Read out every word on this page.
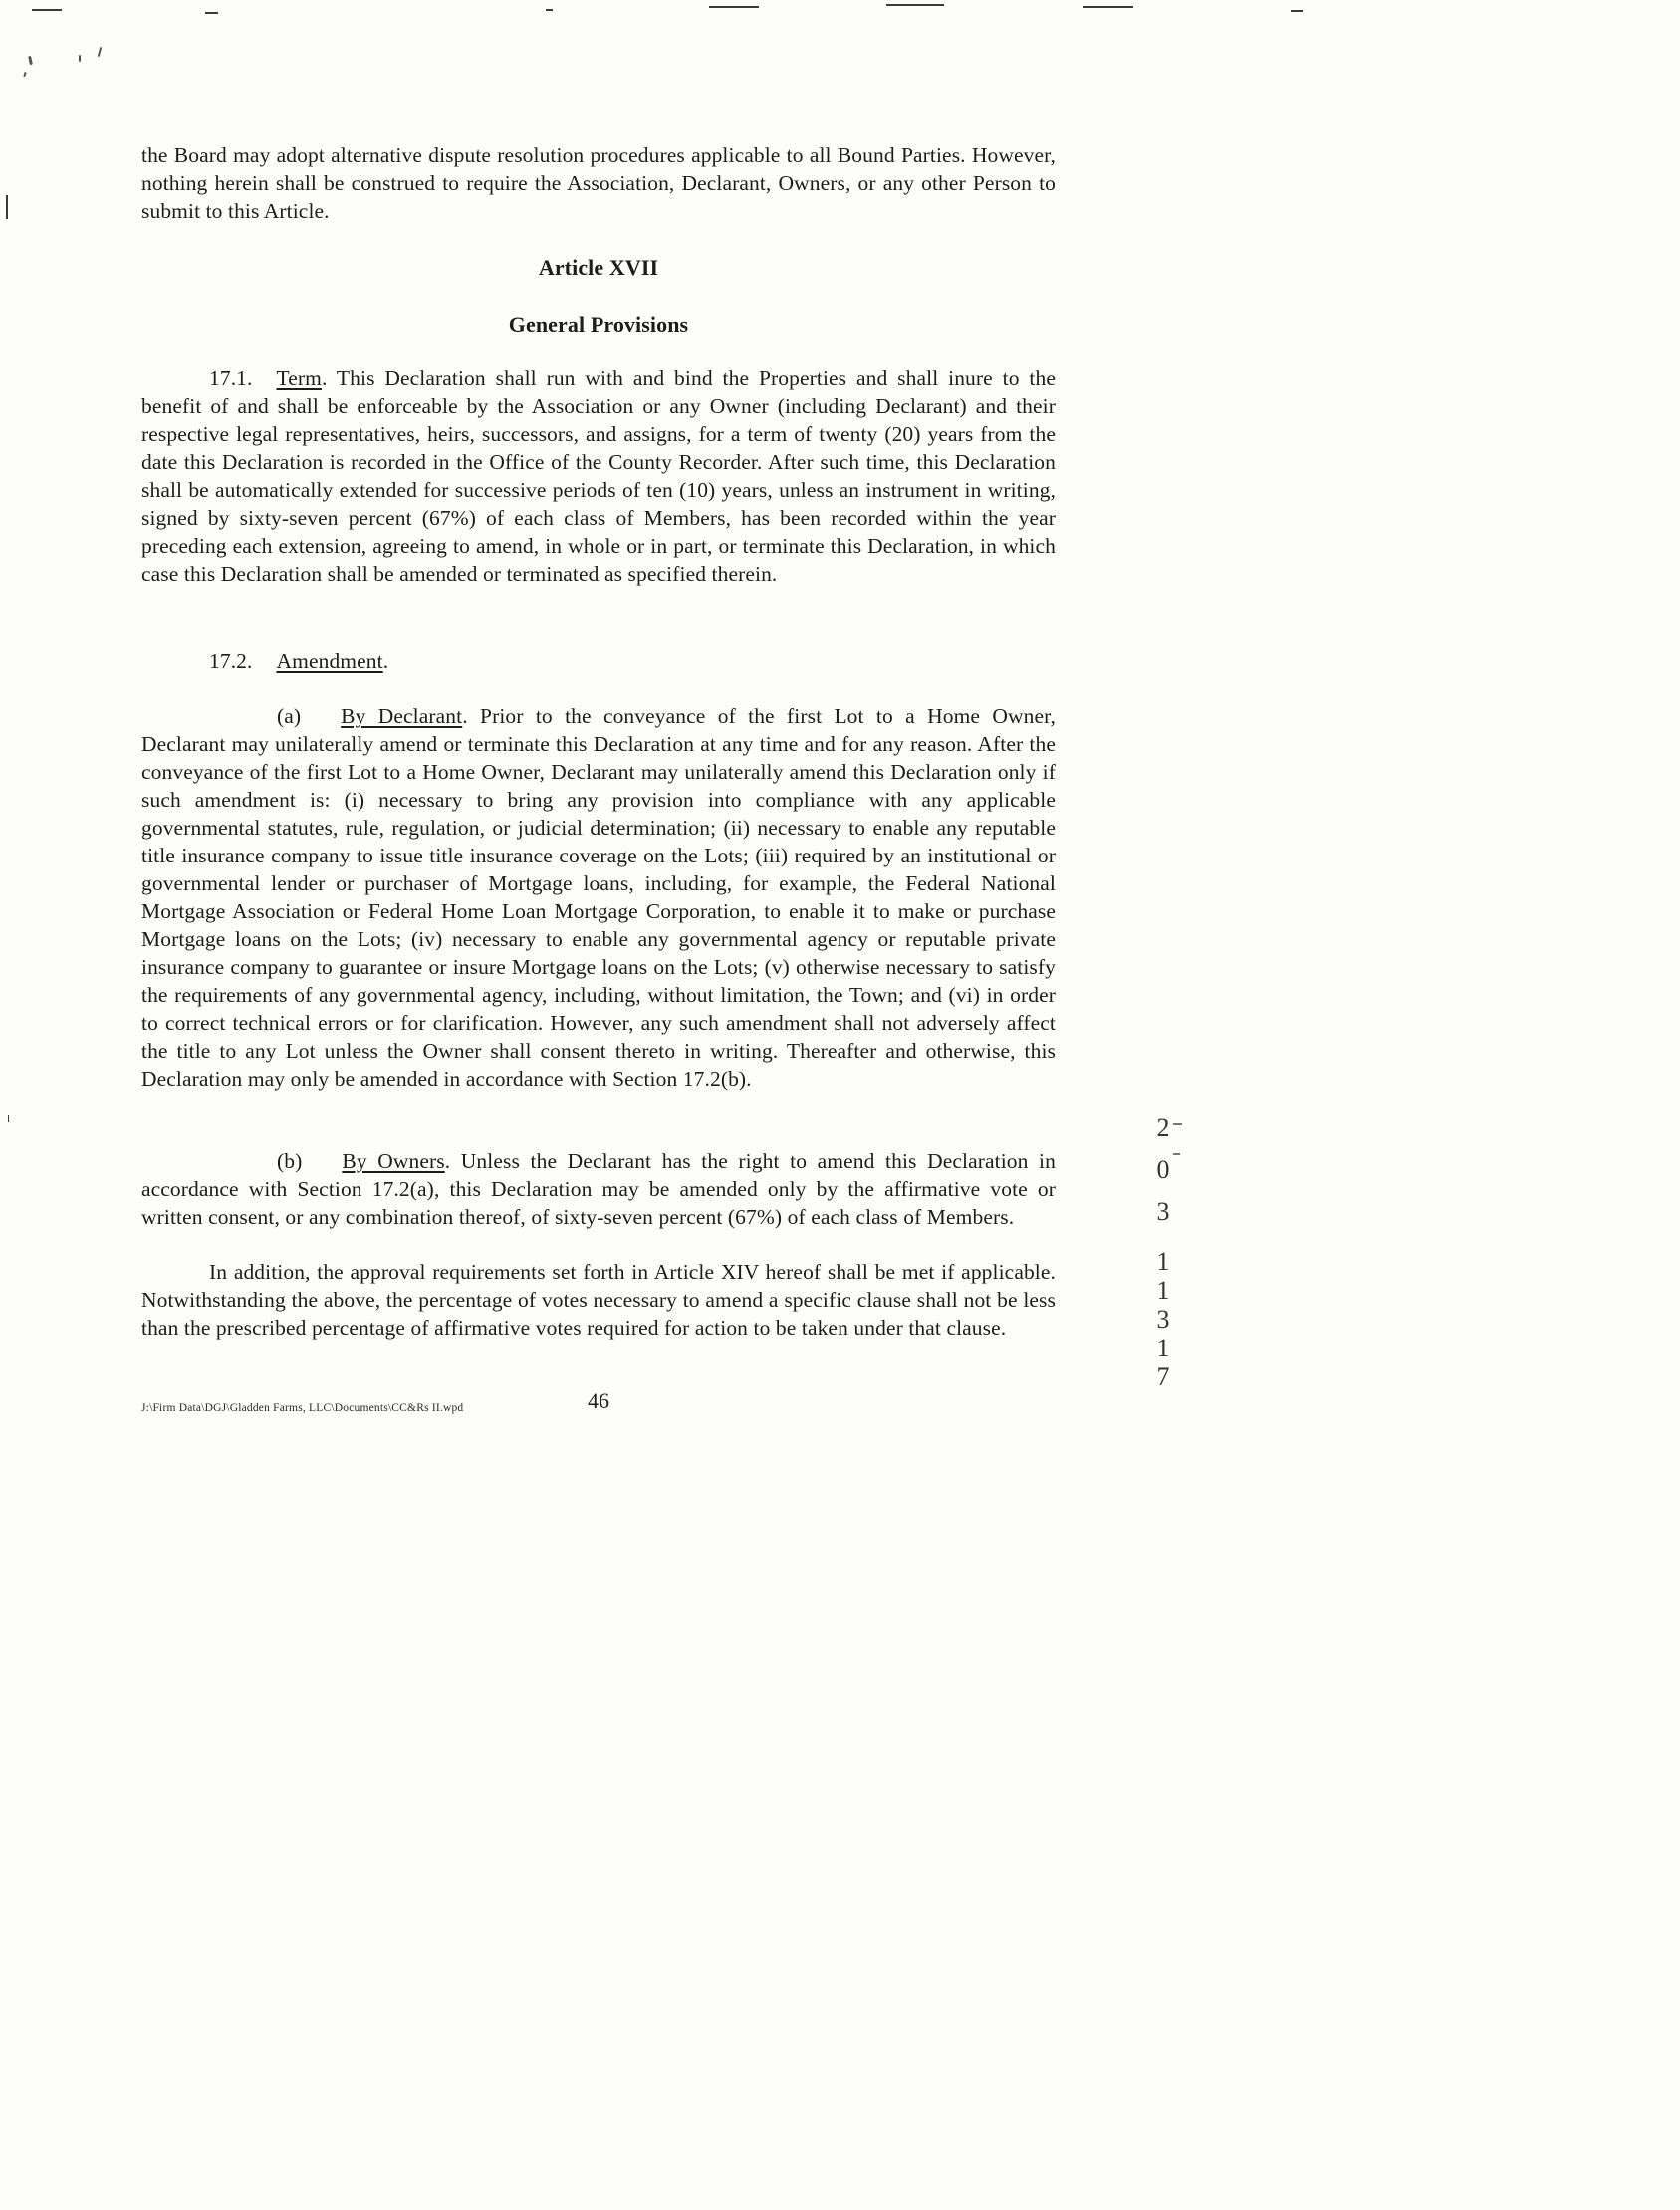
the Board may adopt alternative dispute resolution procedures applicable to all Bound Parties. However, nothing herein shall be construed to require the Association, Declarant, Owners, or any other Person to submit to this Article.

Article XVII
General Provisions

17.1. Term. This Declaration shall run with and bind the Properties and shall inure to the benefit of and shall be enforceable by the Association or any Owner (including Declarant) and their respective legal representatives, heirs, successors, and assigns, for a term of twenty (20) years from the date this Declaration is recorded in the Office of the County Recorder. After such time, this Declaration shall be automatically extended for successive periods of ten (10) years, unless an instrument in writing, signed by sixty-seven percent (67%) of each class of Members, has been recorded within the year preceding each extension, agreeing to amend, in whole or in part, or terminate this Declaration, in which case this Declaration shall be amended or terminated as specified therein.

17.2. Amendment.

(a) By Declarant. Prior to the conveyance of the first Lot to a Home Owner, Declarant may unilaterally amend or terminate this Declaration at any time and for any reason. After the conveyance of the first Lot to a Home Owner, Declarant may unilaterally amend this Declaration only if such amendment is: (i) necessary to bring any provision into compliance with any applicable governmental statutes, rule, regulation, or judicial determination; (ii) necessary to enable any reputable title insurance company to issue title insurance coverage on the Lots; (iii) required by an institutional or governmental lender or purchaser of Mortgage loans, including, for example, the Federal National Mortgage Association or Federal Home Loan Mortgage Corporation, to enable it to make or purchase Mortgage loans on the Lots; (iv) necessary to enable any governmental agency or reputable private insurance company to guarantee or insure Mortgage loans on the Lots; (v) otherwise necessary to satisfy the requirements of any governmental agency, including, without limitation, the Town; and (vi) in order to correct technical errors or for clarification. However, any such amendment shall not adversely affect the title to any Lot unless the Owner shall consent thereto in writing. Thereafter and otherwise, this Declaration may only be amended in accordance with Section 17.2(b).

(b) By Owners. Unless the Declarant has the right to amend this Declaration in accordance with Section 17.2(a), this Declaration may be amended only by the affirmative vote or written consent, or any combination thereof, of sixty-seven percent (67%) of each class of Members.

In addition, the approval requirements set forth in Article XIV hereof shall be met if applicable. Notwithstanding the above, the percentage of votes necessary to amend a specific clause shall not be less than the prescribed percentage of affirmative votes required for action to be taken under that clause.

J:\Firm Data\DGJ\Gladden Farms, LLC\Documents\CC&Rs II.wpd	46
2
0
3
1
1
3
1
7
